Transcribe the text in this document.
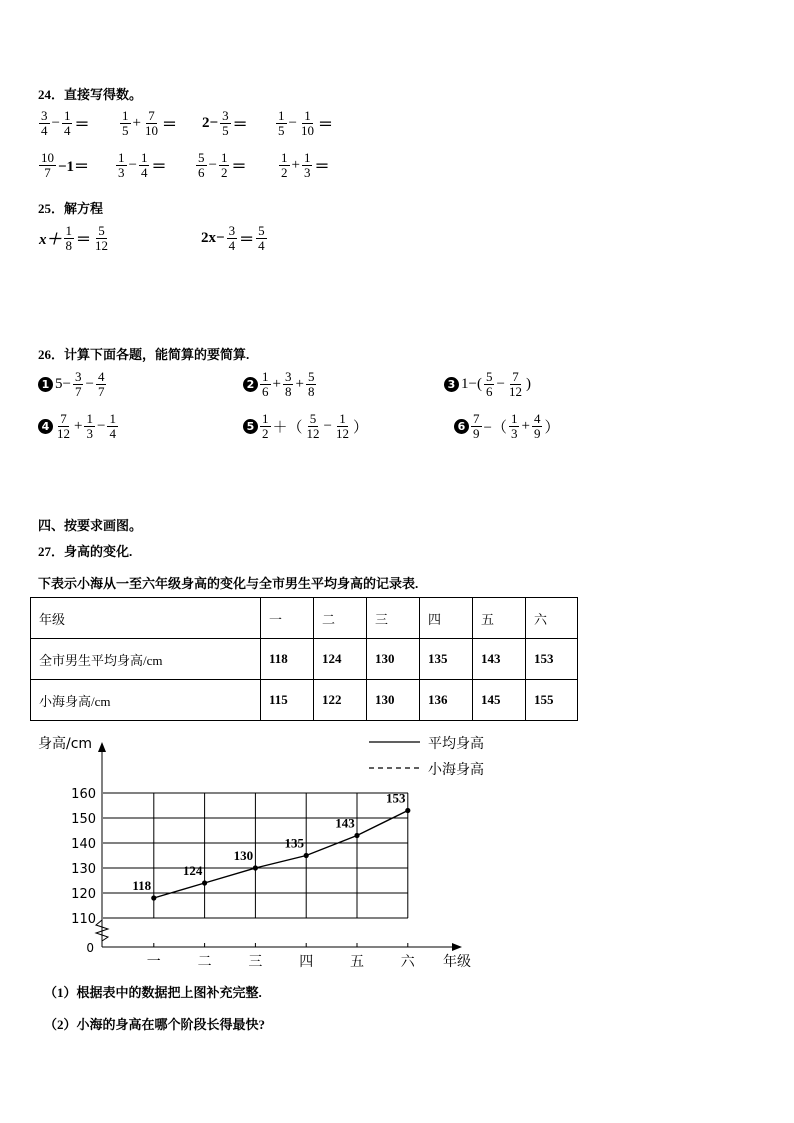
24．直接写得数。
$\frac{3}{4} - \frac{1}{4} = \frac{1}{5} + \frac{7}{10} = 2- \frac{3}{5} = \frac{1}{5} - \frac{1}{10}$ ＝
$\frac{10}{7} -1= \frac{1}{3} - \frac{1}{4} = \frac{5}{6} - \frac{1}{2}$ ＝	$\frac{1}{2} + \frac{1}{3}$ ＝
25．解方程
$x+ \frac{1}{8} = \frac{5}{12}$	$2x- \frac{3}{4} = \frac{5}{4}$
26．计算下面各题，能简算的要简算.
1 $5- \frac{3}{7} - \frac{4}{7}$	$2 \frac{1}{6} + \frac{3}{8} + \frac{5}{8}$	3 $1-( \frac{5}{6} - \frac{7}{12}$ )
$4 \frac{7}{12} + \frac{1}{3} - \frac{1}{4}$	$5 \frac{1}{2}$ ＋（ $\frac{5}{12} - \frac{1}{12}$ ）	$6 \frac{7}{9}$ −（ $\frac{1}{3} + \frac{4}{9}$ ）
四、按要求画图。
27．身高的变化.
下表示小海从一至六年级身高的变化与全市男生平均身高的记录表.
年级	一	二	三	四	五	六
全市男生平均身高/cm	118	124	130	135	143	153
小海身高/cm	115	122	130	136	145	155
160
150
140
130
120
110
0
一	二	三	四	五	六
身高/cm
年级
平均身高
小海身高
118
124
130
135
143
153
（1）根据表中的数据把上图补充完整.
（2）小海的身高在哪个阶段长得最快?
